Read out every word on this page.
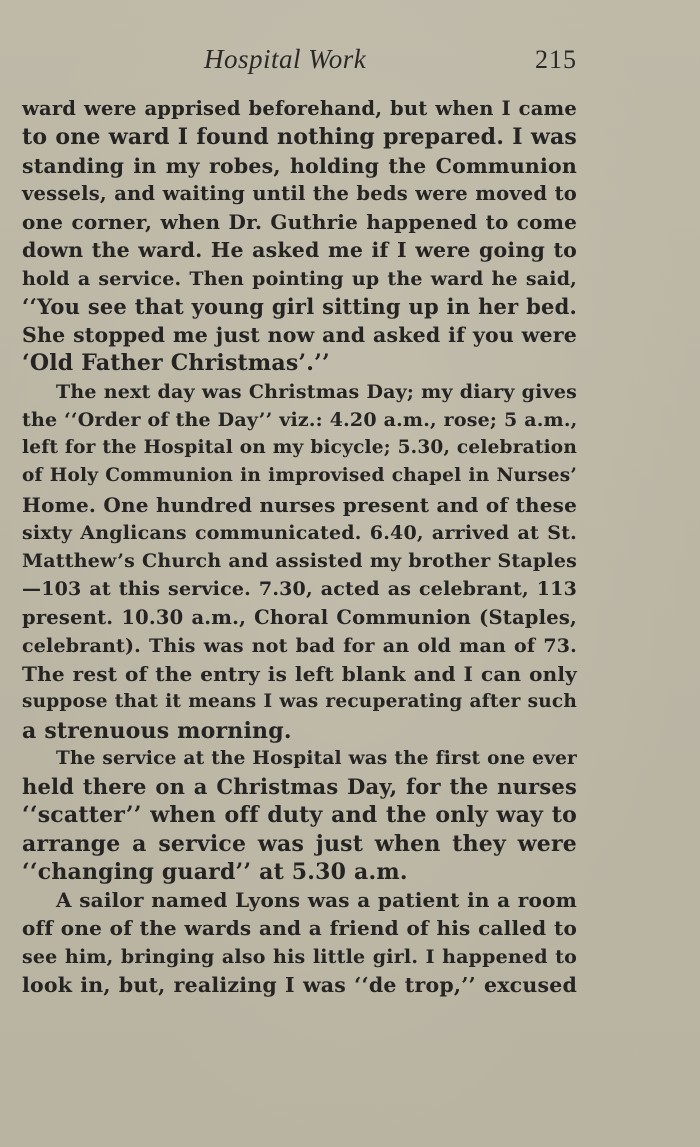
Hospital Work	215
ward were apprised beforehand, but when I came
to one ward I found nothing prepared. I was
standing in my robes, holding the Communion
vessels, and waiting until the beds were moved to
one corner, when Dr. Guthrie happened to come
down the ward. He asked me if I were going to
hold a service. Then pointing up the ward he said,
‘‘You see that young girl sitting up in her bed.
She stopped me just now and asked if you were
‘Old Father Christmas’.’’
The next day was Christmas Day; my diary gives
the ‘‘Order of the Day’’ viz.: 4.20 a.m., rose; 5 a.m.,
left for the Hospital on my bicycle; 5.30, celebration
of Holy Communion in improvised chapel in Nurses’
Home. One hundred nurses present and of these
sixty Anglicans communicated. 6.40, arrived at St.
Matthew’s Church and assisted my brother Staples
—103 at this service. 7.30, acted as celebrant, 113
present. 10.30 a.m., Choral Communion (Staples,
celebrant). This was not bad for an old man of 73.
The rest of the entry is left blank and I can only
suppose that it means I was recuperating after such
a strenuous morning.
The service at the Hospital was the first one ever
held there on a Christmas Day, for the nurses
‘‘scatter’’ when off duty and the only way to
arrange a service was just when they were
‘‘changing guard’’ at 5.30 a.m.
A sailor named Lyons was a patient in a room
off one of the wards and a friend of his called to
see him, bringing also his little girl. I happened to
look in, but, realizing I was ‘‘de trop,’’ excused
